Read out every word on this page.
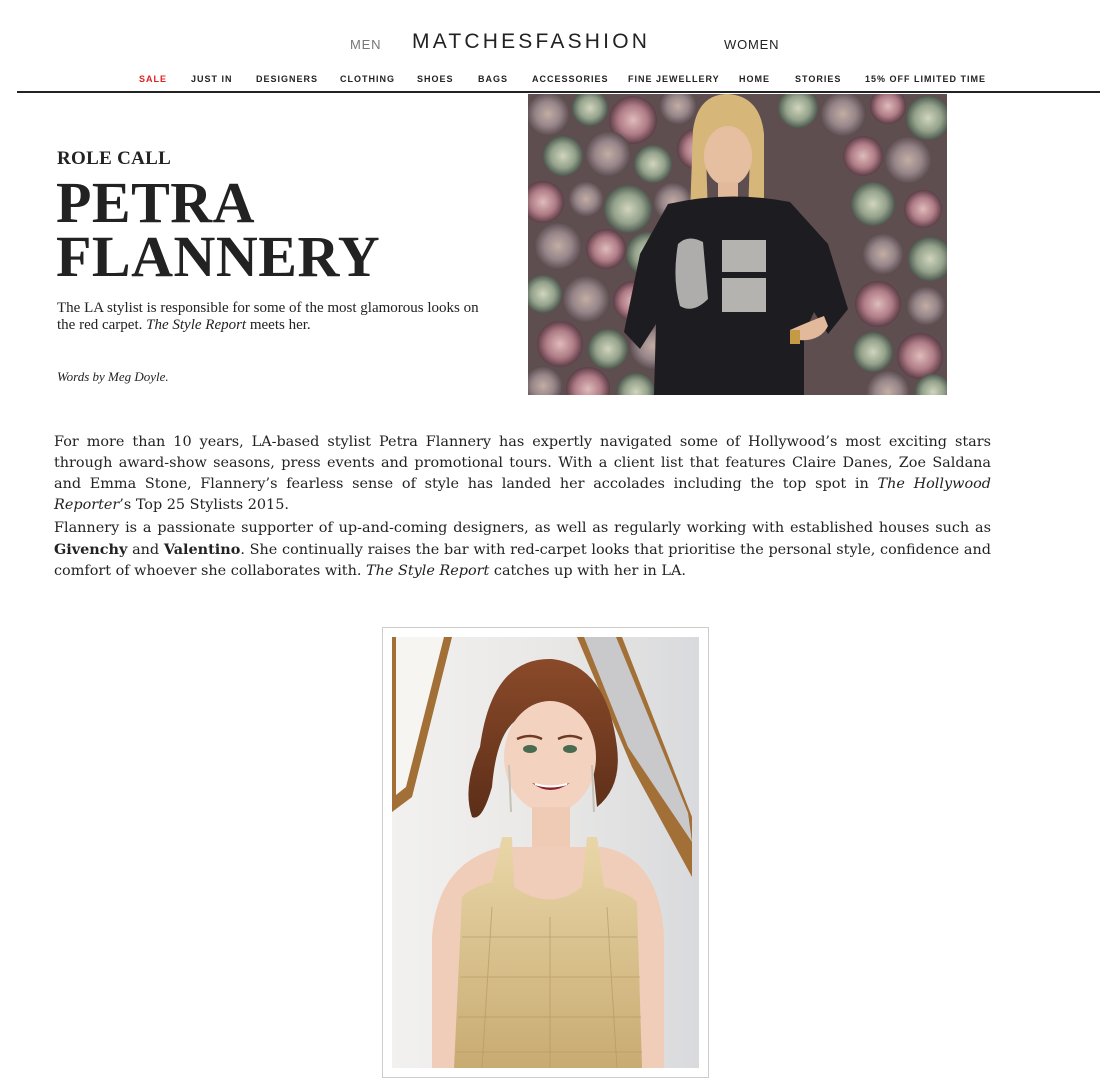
MEN MATCHESFASHION	WOMEN
SALE	JUST IN	DESIGNERS CLOTHING SHOES	BAGS	ACCESSORIES FINE JEWELLERY HOME	STORIES	15% OFF LIMITED TIME
ROLE CALL
PETRA
FLANNERY

The LA stylist is responsible for some of the most glamorous looks on the red carpet. The Style Report meets her.

Words by Meg Doyle.

For more than 10 years, LA-based stylist Petra Flannery has expertly navigated some of Hollywood’s most exciting stars through award-show seasons, press events and promotional tours. With a client list that features Claire Danes, Zoe Saldana and Emma Stone, Flannery’s fearless sense of style has landed her accolades including the top spot in The Hollywood Reporter’s Top 25 Stylists 2015.

Flannery is a passionate supporter of up-and-coming designers, as well as regularly working with established houses such as Givenchy and Valentino. She continually raises the bar with red-carpet looks that prioritise the personal style, confidence and comfort of whoever she collaborates with. The Style Report catches up with her in LA.
